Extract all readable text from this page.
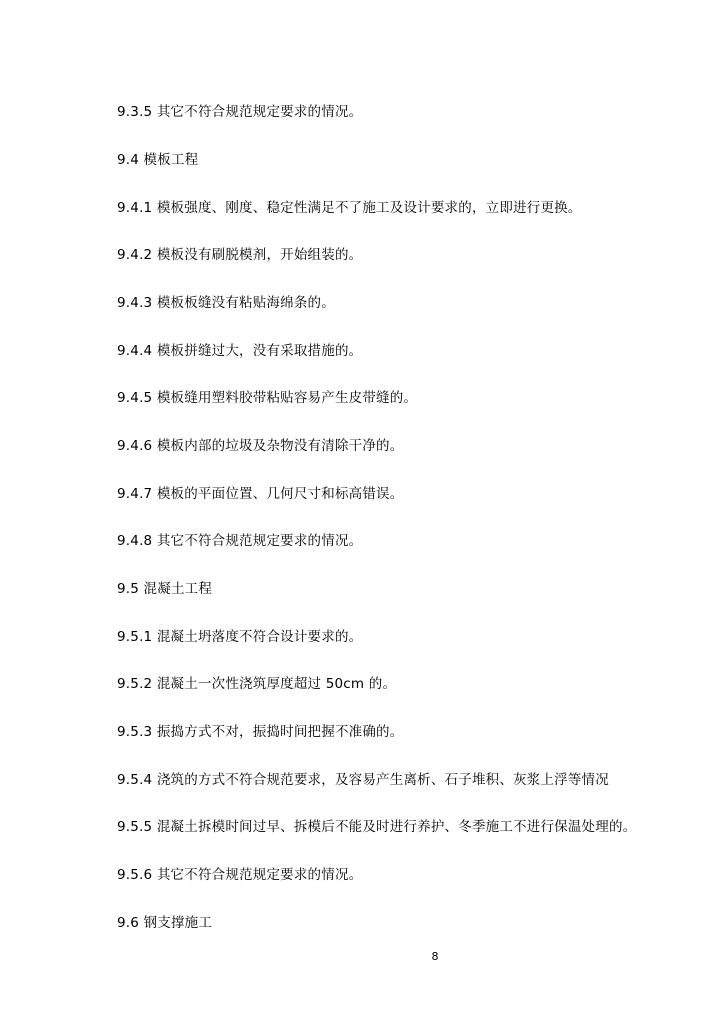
9.3.5 其它不符合规范规定要求的情况。
9.4 模板工程
9.4.1 模板强度、刚度、稳定性满足不了施工及设计要求的，立即进行更换。
9.4.2 模板没有刷脱模剂，开始组装的。
9.4.3 模板板缝没有粘贴海绵条的。
9.4.4 模板拼缝过大，没有采取措施的。
9.4.5 模板缝用塑料胶带粘贴容易产生皮带缝的。
9.4.6 模板内部的垃圾及杂物没有清除干净的。
9.4.7 模板的平面位置、几何尺寸和标高错误。
9.4.8 其它不符合规范规定要求的情况。
9.5 混凝土工程
9.5.1 混凝土坍落度不符合设计要求的。
9.5.2 混凝土一次性浇筑厚度超过 50cm 的。
9.5.3 振捣方式不对，振捣时间把握不准确的。
9.5.4 浇筑的方式不符合规范要求，及容易产生离析、石子堆积、灰浆上浮等情况
9.5.5 混凝土拆模时间过早、拆模后不能及时进行养护、冬季施工不进行保温处理的。
9.5.6 其它不符合规范规定要求的情况。
9.6 钢支撑施工
8
